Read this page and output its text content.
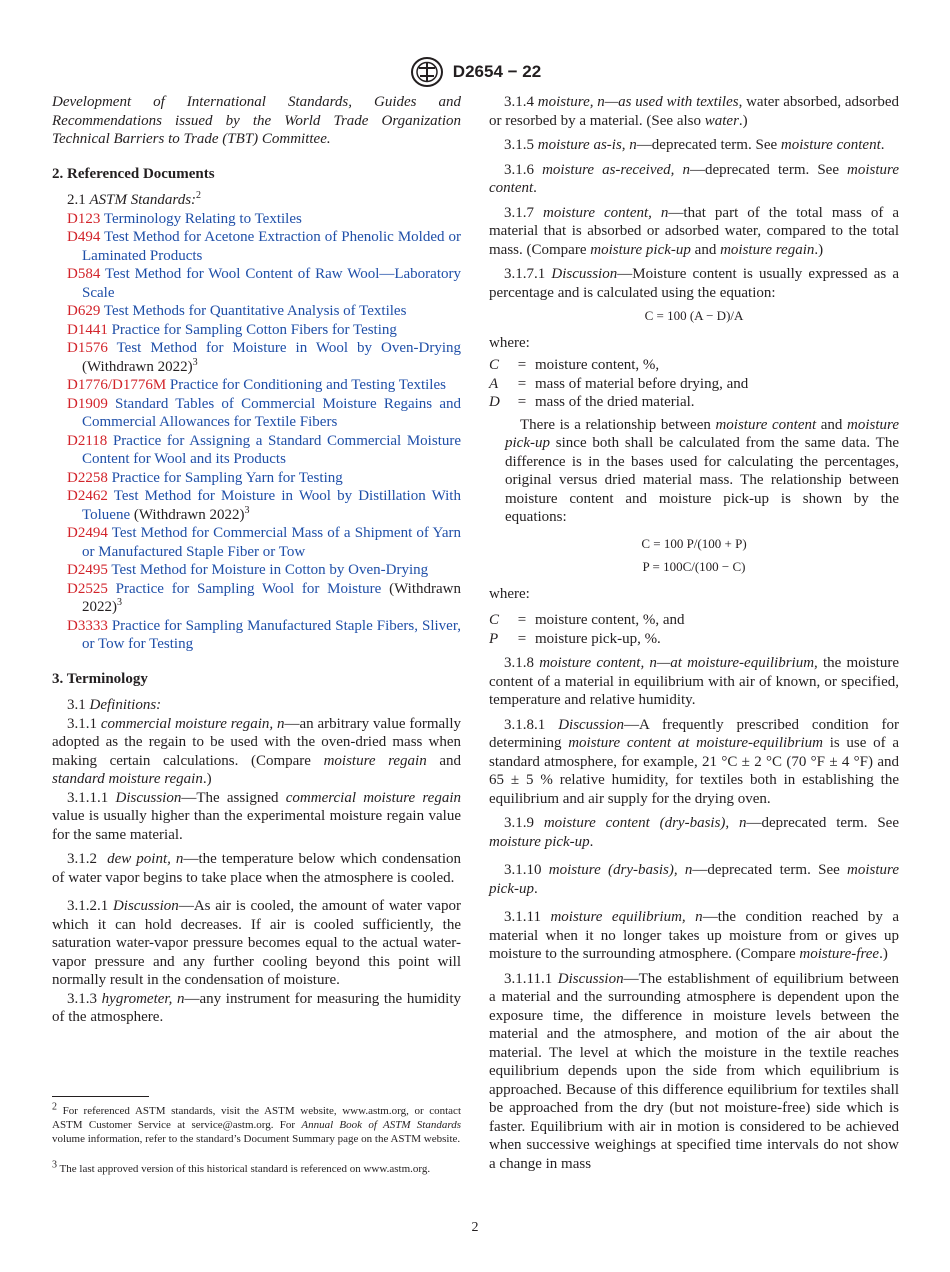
D2654 − 22

Development of International Standards, Guides and Recommendations issued by the World Trade Organization Technical Barriers to Trade (TBT) Committee.

2. Referenced Documents

2.1 ASTM Standards:$^2$

D123 Terminology Relating to Textiles

D494 Test Method for Acetone Extraction of Phenolic Molded or Laminated Products

D584 Test Method for Wool Content of Raw Wool—Laboratory Scale

D629 Test Methods for Quantitative Analysis of Textiles

D1441 Practice for Sampling Cotton Fibers for Testing

D1576 Test Method for Moisture in Wool by Oven-Drying (Withdrawn 2022)$^3$

D1776/D1776M Practice for Conditioning and Testing Textiles

D1909 Standard Tables of Commercial Moisture Regains and Commercial Allowances for Textile Fibers

D2118 Practice for Assigning a Standard Commercial Moisture Content for Wool and its Products

D2258 Practice for Sampling Yarn for Testing

D2462 Test Method for Moisture in Wool by Distillation With Toluene (Withdrawn 2022)$^3$

D2494 Test Method for Commercial Mass of a Shipment of Yarn or Manufactured Staple Fiber or Tow

D2495 Test Method for Moisture in Cotton by Oven-Drying

D2525 Practice for Sampling Wool for Moisture (Withdrawn 2022)$^3$

D3333 Practice for Sampling Manufactured Staple Fibers, Sliver, or Tow for Testing

3. Terminology

3.1 Definitions:

3.1.1 commercial moisture regain, n—an arbitrary value formally adopted as the regain to be used with the oven-dried mass when making certain calculations. (Compare moisture regain and standard moisture regain.)

3.1.1.1 Discussion—The assigned commercial moisture regain value is usually higher than the experimental moisture regain value for the same material.

3.1.2 dew point, n—the temperature below which condensation of water vapor begins to take place when the atmosphere is cooled.

3.1.2.1 Discussion—As air is cooled, the amount of water vapor which it can hold decreases. If air is cooled sufficiently, the saturation water-vapor pressure becomes equal to the actual water-vapor pressure and any further cooling beyond this point will normally result in the condensation of moisture.

3.1.3 hygrometer, n—any instrument for measuring the humidity of the atmosphere.

$^2$ For referenced ASTM standards, visit the ASTM website, www.astm.org, or contact ASTM Customer Service at service@astm.org. For Annual Book of ASTM Standards volume information, refer to the standard’s Document Summary page on the ASTM website.
$^3$ The last approved version of this historical standard is referenced on www.astm.org.

3.1.4 moisture, n—as used with textiles, water absorbed, adsorbed or resorbed by a material. (See also water.)

3.1.5 moisture as-is, n—deprecated term. See moisture content.

3.1.6 moisture as-received, n—deprecated term. See moisture content.

3.1.7 moisture content, n—that part of the total mass of a material that is absorbed or adsorbed water, compared to the total mass. (Compare moisture pick-up and moisture regain.)

3.1.7.1 Discussion—Moisture content is usually expressed as a percentage and is calculated using the equation:

C = 100 (A − D)/A

where:

C	= moisture content, %,
A	= mass of material before drying, and
D	= mass of the dried material.

There is a relationship between moisture content and moisture pick-up since both shall be calculated from the same data. The difference is in the bases used for calculating the percentages, original versus dried material mass. The relationship between moisture content and moisture pick-up is shown by the equations:

C = 100 P/(100 + P)

P = 100C/(100 − C)

where:

C	= moisture content, %, and
P	= moisture pick-up, %.

3.1.8 moisture content, n—at moisture-equilibrium, the moisture content of a material in equilibrium with air of known, or specified, temperature and relative humidity.

3.1.8.1 Discussion—A frequently prescribed condition for determining moisture content at moisture-equilibrium is use of a standard atmosphere, for example, 21 °C ± 2 °C (70 °F ± 4 °F) and 65 ± 5 % relative humidity, for textiles both in establishing the equilibrium and air supply for the drying oven.

3.1.9 moisture content (dry-basis), n—deprecated term. See moisture pick-up.

3.1.10 moisture (dry-basis), n—deprecated term. See moisture pick-up.

3.1.11 moisture equilibrium, n—the condition reached by a material when it no longer takes up moisture from or gives up moisture to the surrounding atmosphere. (Compare moisture-free.)

3.1.11.1 Discussion—The establishment of equilibrium between a material and the surrounding atmosphere is dependent upon the exposure time, the difference in moisture levels between the material and the atmosphere, and motion of the air about the material. The level at which the moisture in the textile reaches equilibrium depends upon the side from which equilibrium is approached. Because of this difference equilibrium for textiles shall be approached from the dry (but not moisture-free) side which is faster. Equilibrium with air in motion is considered to be achieved when successive weighings at specified time intervals do not show a change in mass

2
